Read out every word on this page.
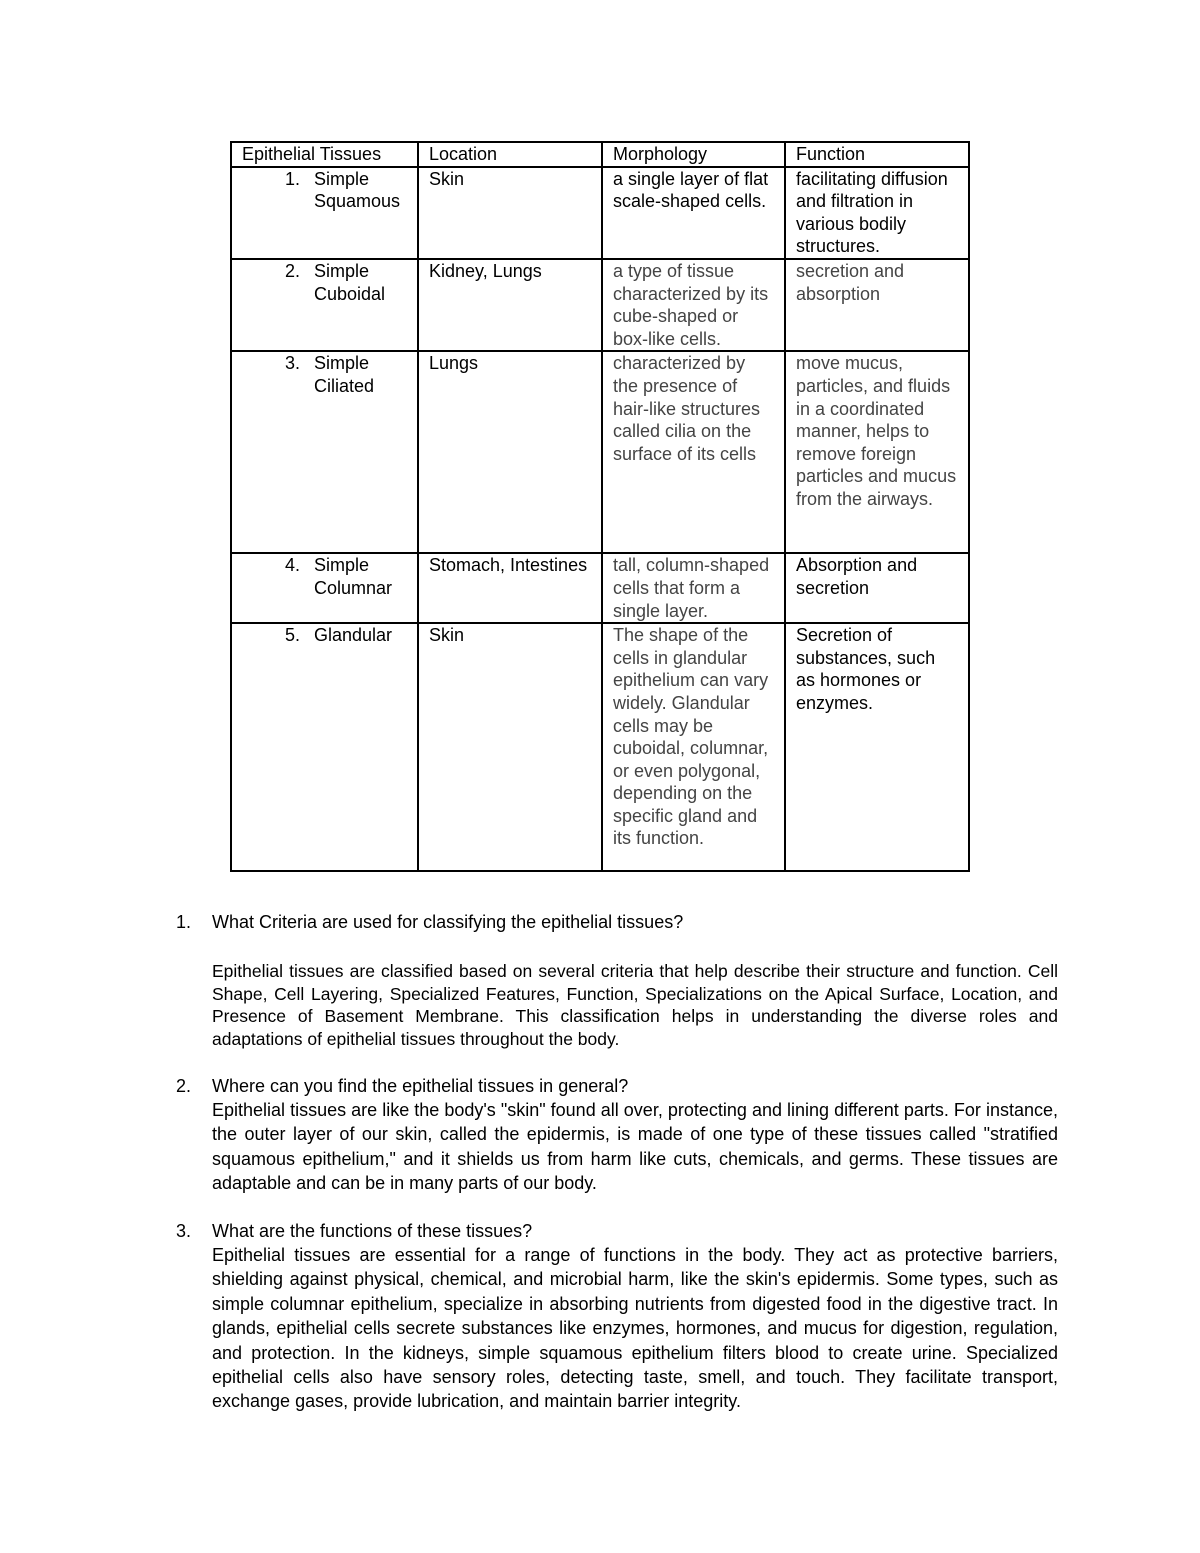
Epithelial Tissues	Location	Morphology	Function

1. Simple Squamous	Skin	a single layer of flat scale-shaped cells.	facilitating diffusion and filtration in various bodily structures.

2. Simple Cuboidal	Kidney, Lungs	a type of tissue characterized by its cube-shaped or box-like cells.	secretion and absorption

3. Simple Ciliated	Lungs	characterized by the presence of hair-like structures called cilia on the surface of its cells	move mucus, particles, and fluids in a coordinated manner, helps to remove foreign particles and mucus from the airways.

4. Simple Columnar	Stomach, Intestines	tall, column-shaped cells that form a single layer.	Absorption and secretion

5. Glandular	Skin	The shape of the cells in glandular epithelium can vary widely. Glandular cells may be cuboidal, columnar, or even polygonal, depending on the specific gland and its function.	Secretion of substances, such as hormones or enzymes.
1. What Criteria are used for classifying the epithelial tissues?
Epithelial tissues are classified based on several criteria that help describe their structure and function. Cell Shape, Cell Layering, Specialized Features, Function, Specializations on the Apical Surface, Location, and Presence of Basement Membrane. This classification helps in understanding the diverse roles and adaptations of epithelial tissues throughout the body.
2. Where can you find the epithelial tissues in general?
Epithelial tissues are like the body's "skin" found all over, protecting and lining different parts. For instance, the outer layer of our skin, called the epidermis, is made of one type of these tissues called "stratified squamous epithelium," and it shields us from harm like cuts, chemicals, and germs. These tissues are adaptable and can be in many parts of our body.
3. What are the functions of these tissues?
Epithelial tissues are essential for a range of functions in the body. They act as protective barriers, shielding against physical, chemical, and microbial harm, like the skin's epidermis. Some types, such as simple columnar epithelium, specialize in absorbing nutrients from digested food in the digestive tract. In glands, epithelial cells secrete substances like enzymes, hormones, and mucus for digestion, regulation, and protection. In the kidneys, simple squamous epithelium filters blood to create urine. Specialized epithelial cells also have sensory roles, detecting taste, smell, and touch. They facilitate transport, exchange gases, provide lubrication, and maintain barrier integrity.
